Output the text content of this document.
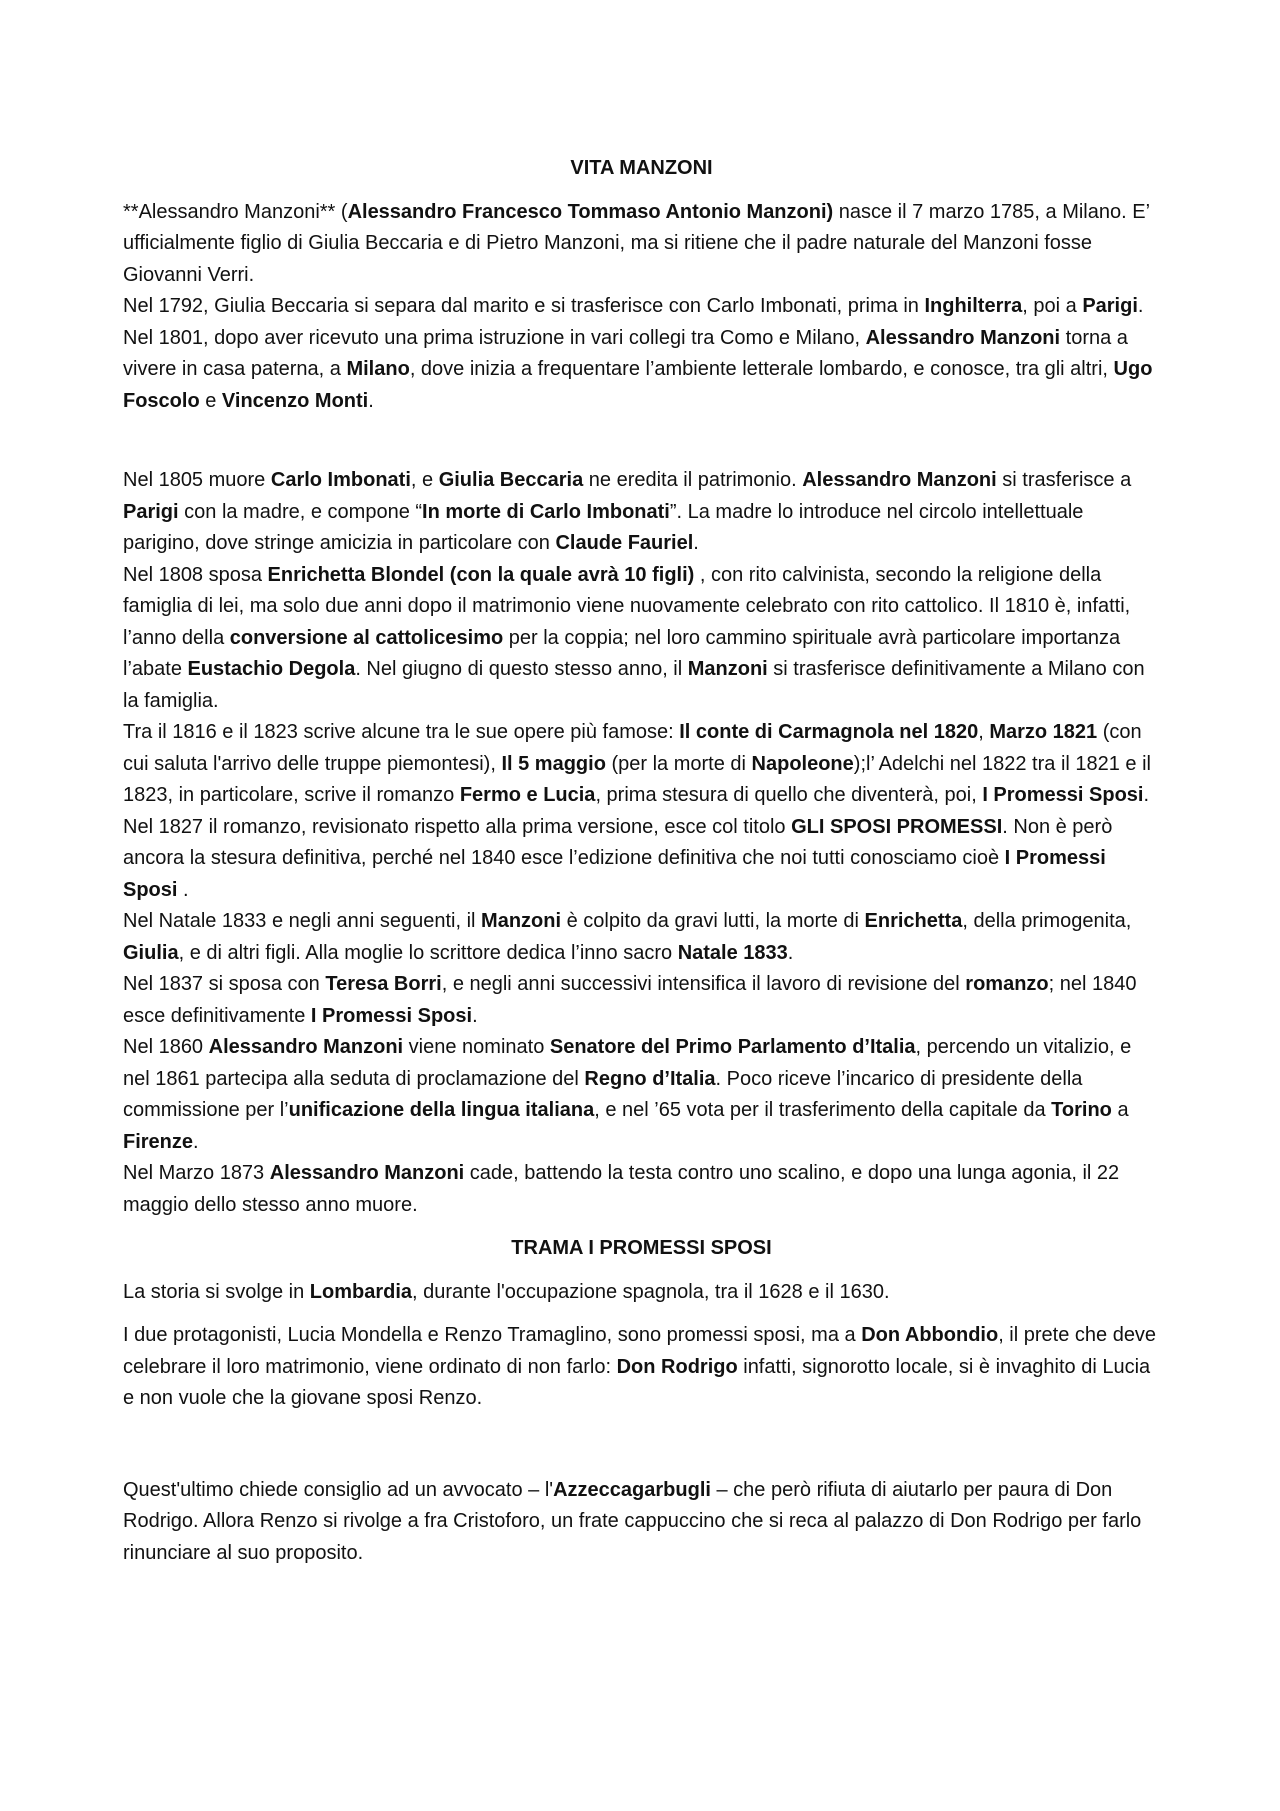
VITA MANZONI

**Alessandro Manzoni** (Alessandro Francesco Tommaso Antonio Manzoni) nasce il 7 marzo 1785, a Milano. E’ ufficialmente figlio di Giulia Beccaria e di Pietro Manzoni, ma si ritiene che il padre naturale del Manzoni fosse Giovanni Verri.

Nel 1792, Giulia Beccaria si separa dal marito e si trasferisce con Carlo Imbonati, prima in Inghilterra, poi a Parigi.

Nel 1801, dopo aver ricevuto una prima istruzione in vari collegi tra Como e Milano, Alessandro Manzoni torna a vivere in casa paterna, a Milano, dove inizia a frequentare l’ambiente letterale lombardo, e conosce, tra gli altri, Ugo Foscolo e Vincenzo Monti.

Nel 1805 muore Carlo Imbonati, e Giulia Beccaria ne eredita il patrimonio. Alessandro Manzoni si trasferisce a Parigi con la madre, e compone “In morte di Carlo Imbonati”. La madre lo introduce nel circolo intellettuale parigino, dove stringe amicizia in particolare con Claude Fauriel.

Nel 1808 sposa Enrichetta Blondel (con la quale avrà 10 figli) , con rito calvinista, secondo la religione della famiglia di lei, ma solo due anni dopo il matrimonio viene nuovamente celebrato con rito cattolico. Il 1810 è, infatti, l’anno della conversione al cattolicesimo per la coppia; nel loro cammino spirituale avrà particolare importanza l’abate Eustachio Degola. Nel giugno di questo stesso anno, il Manzoni si trasferisce definitivamente a Milano con la famiglia.

Tra il 1816 e il 1823 scrive alcune tra le sue opere più famose: Il conte di Carmagnola nel 1820, Marzo 1821 (con cui saluta l'arrivo delle truppe piemontesi), Il 5 maggio (per la morte di Napoleone);l’ Adelchi nel 1822 tra il 1821 e il 1823, in particolare, scrive il romanzo Fermo e Lucia, prima stesura di quello che diventerà, poi, I Promessi Sposi.

Nel 1827 il romanzo, revisionato rispetto alla prima versione, esce col titolo GLI SPOSI PROMESSI. Non è però ancora la stesura definitiva, perché nel 1840 esce l’edizione definitiva che noi tutti conosciamo cioè I Promessi Sposi .

Nel Natale 1833 e negli anni seguenti, il Manzoni è colpito da gravi lutti, la morte di Enrichetta, della primogenita, Giulia, e di altri figli. Alla moglie lo scrittore dedica l’inno sacro Natale 1833.

Nel 1837 si sposa con Teresa Borri, e negli anni successivi intensifica il lavoro di revisione del romanzo; nel 1840 esce definitivamente I Promessi Sposi.

Nel 1860 Alessandro Manzoni viene nominato Senatore del Primo Parlamento d’Italia, percendo un vitalizio, e nel 1861 partecipa alla seduta di proclamazione del Regno d’Italia. Poco riceve l’incarico di presidente della commissione per l’unificazione della lingua italiana, e nel ’65 vota per il trasferimento della capitale da Torino a Firenze.

Nel Marzo 1873 Alessandro Manzoni cade, battendo la testa contro uno scalino, e dopo una lunga agonia, il 22 maggio dello stesso anno muore.

TRAMA I PROMESSI SPOSI

La storia si svolge in Lombardia, durante l'occupazione spagnola, tra il 1628 e il 1630.

I due protagonisti, Lucia Mondella e Renzo Tramaglino, sono promessi sposi, ma a Don Abbondio, il prete che deve celebrare il loro matrimonio, viene ordinato di non farlo: Don Rodrigo infatti, signorotto locale, si è invaghito di Lucia e non vuole che la giovane sposi Renzo.

Quest'ultimo chiede consiglio ad un avvocato – l'Azzeccagarbugli – che però rifiuta di aiutarlo per paura di Don Rodrigo. Allora Renzo si rivolge a fra Cristoforo, un frate cappuccino che si reca al palazzo di Don Rodrigo per farlo rinunciare al suo proposito.
